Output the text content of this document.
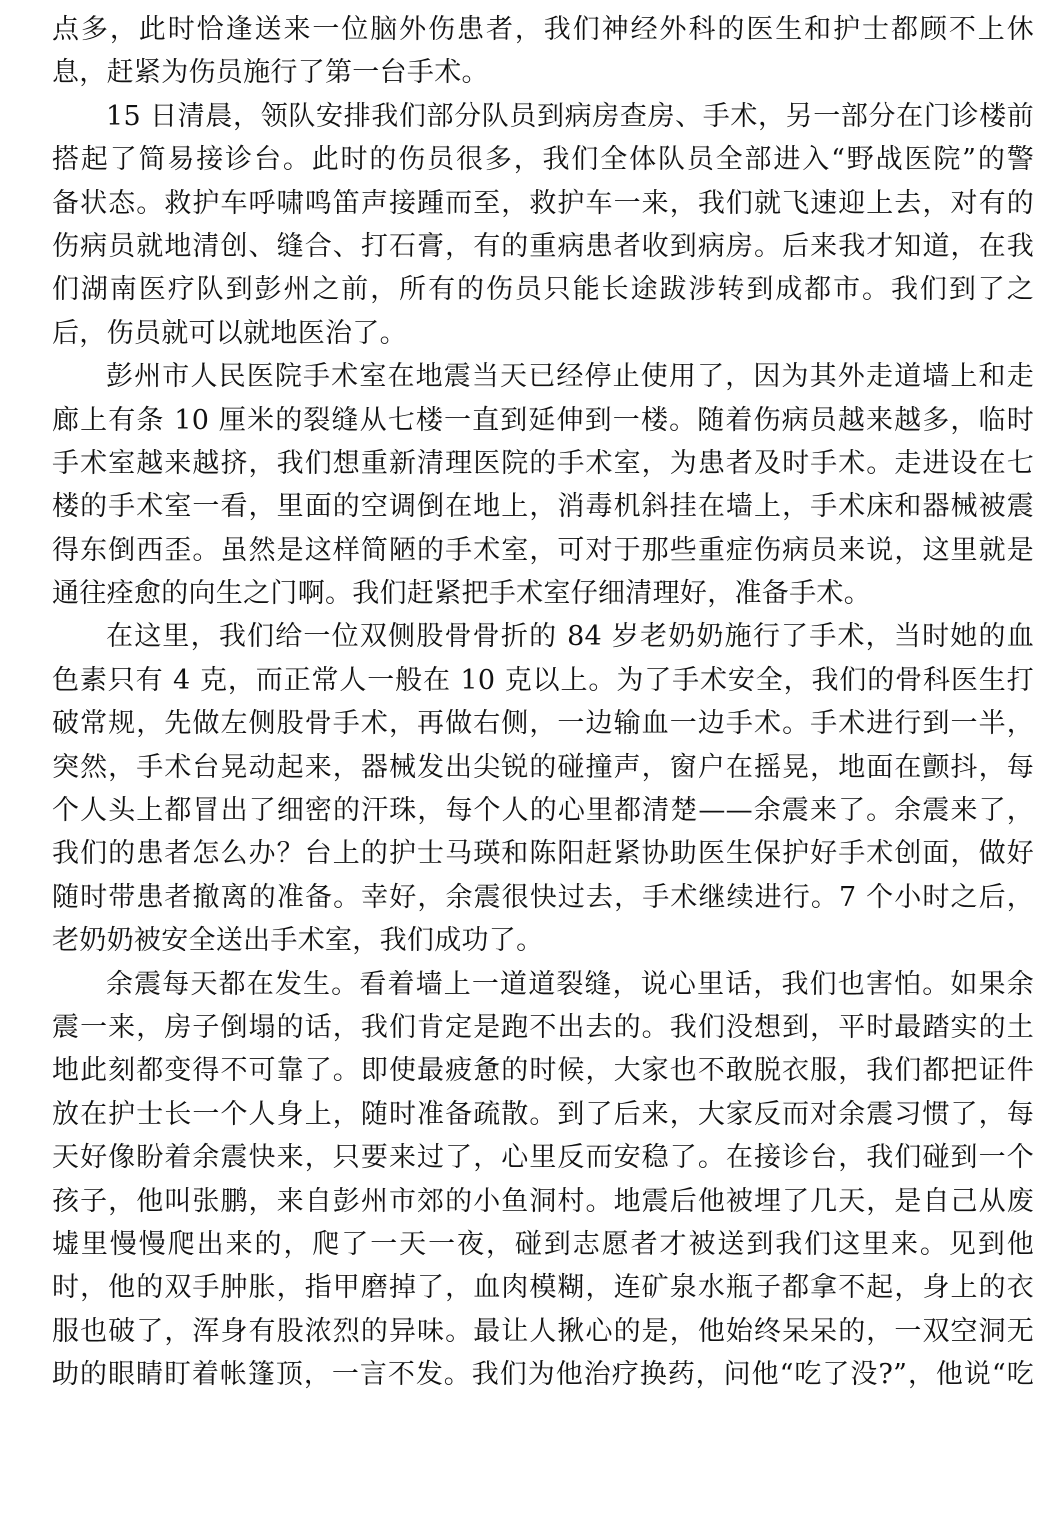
点多，此时恰逢送来一位脑外伤患者，我们神经外科的医生和护士都顾不上休
息，赶紧为伤员施行了第一台手术。
15 日清晨，领队安排我们部分队员到病房查房、手术，另一部分在门诊楼前
搭起了简易接诊台。此时的伤员很多，我们全体队员全部进入“野战医院”的警
备状态。救护车呼啸鸣笛声接踵而至，救护车一来，我们就飞速迎上去，对有的
伤病员就地清创、缝合、打石膏，有的重病患者收到病房。后来我才知道，在我
们湖南医疗队到彭州之前，所有的伤员只能长途跋涉转到成都市。我们到了之
后，伤员就可以就地医治了。
彭州市人民医院手术室在地震当天已经停止使用了，因为其外走道墙上和走
廊上有条 10 厘米的裂缝从七楼一直到延伸到一楼。随着伤病员越来越多，临时
手术室越来越挤，我们想重新清理医院的手术室，为患者及时手术。走进设在七
楼的手术室一看，里面的空调倒在地上，消毒机斜挂在墙上，手术床和器械被震
得东倒西歪。虽然是这样简陋的手术室，可对于那些重症伤病员来说，这里就是
通往痊愈的向生之门啊。我们赶紧把手术室仔细清理好，准备手术。
在这里，我们给一位双侧股骨骨折的 84 岁老奶奶施行了手术，当时她的血
色素只有 4 克，而正常人一般在 10 克以上。为了手术安全，我们的骨科医生打
破常规，先做左侧股骨手术，再做右侧，一边输血一边手术。手术进行到一半，
突然，手术台晃动起来，器械发出尖锐的碰撞声，窗户在摇晃，地面在颤抖，每
个人头上都冒出了细密的汗珠，每个人的心里都清楚——余震来了。余震来了，
我们的患者怎么办？台上的护士马瑛和陈阳赶紧协助医生保护好手术创面，做好
随时带患者撤离的准备。幸好，余震很快过去，手术继续进行。7 个小时之后，
老奶奶被安全送出手术室，我们成功了。
余震每天都在发生。看着墙上一道道裂缝，说心里话，我们也害怕。如果余
震一来，房子倒塌的话，我们肯定是跑不出去的。我们没想到，平时最踏实的土
地此刻都变得不可靠了。即使最疲惫的时候，大家也不敢脱衣服，我们都把证件
放在护士长一个人身上，随时准备疏散。到了后来，大家反而对余震习惯了，每
天好像盼着余震快来，只要来过了，心里反而安稳了。在接诊台，我们碰到一个
孩子，他叫张鹏，来自彭州市郊的小鱼洞村。地震后他被埋了几天，是自己从废
墟里慢慢爬出来的，爬了一天一夜，碰到志愿者才被送到我们这里来。见到他
时，他的双手肿胀，指甲磨掉了，血肉模糊，连矿泉水瓶子都拿不起，身上的衣
服也破了，浑身有股浓烈的异味。最让人揪心的是，他始终呆呆的，一双空洞无
助的眼睛盯着帐篷顶，一言不发。我们为他治疗换药，问他“吃了没?”，他说“吃
